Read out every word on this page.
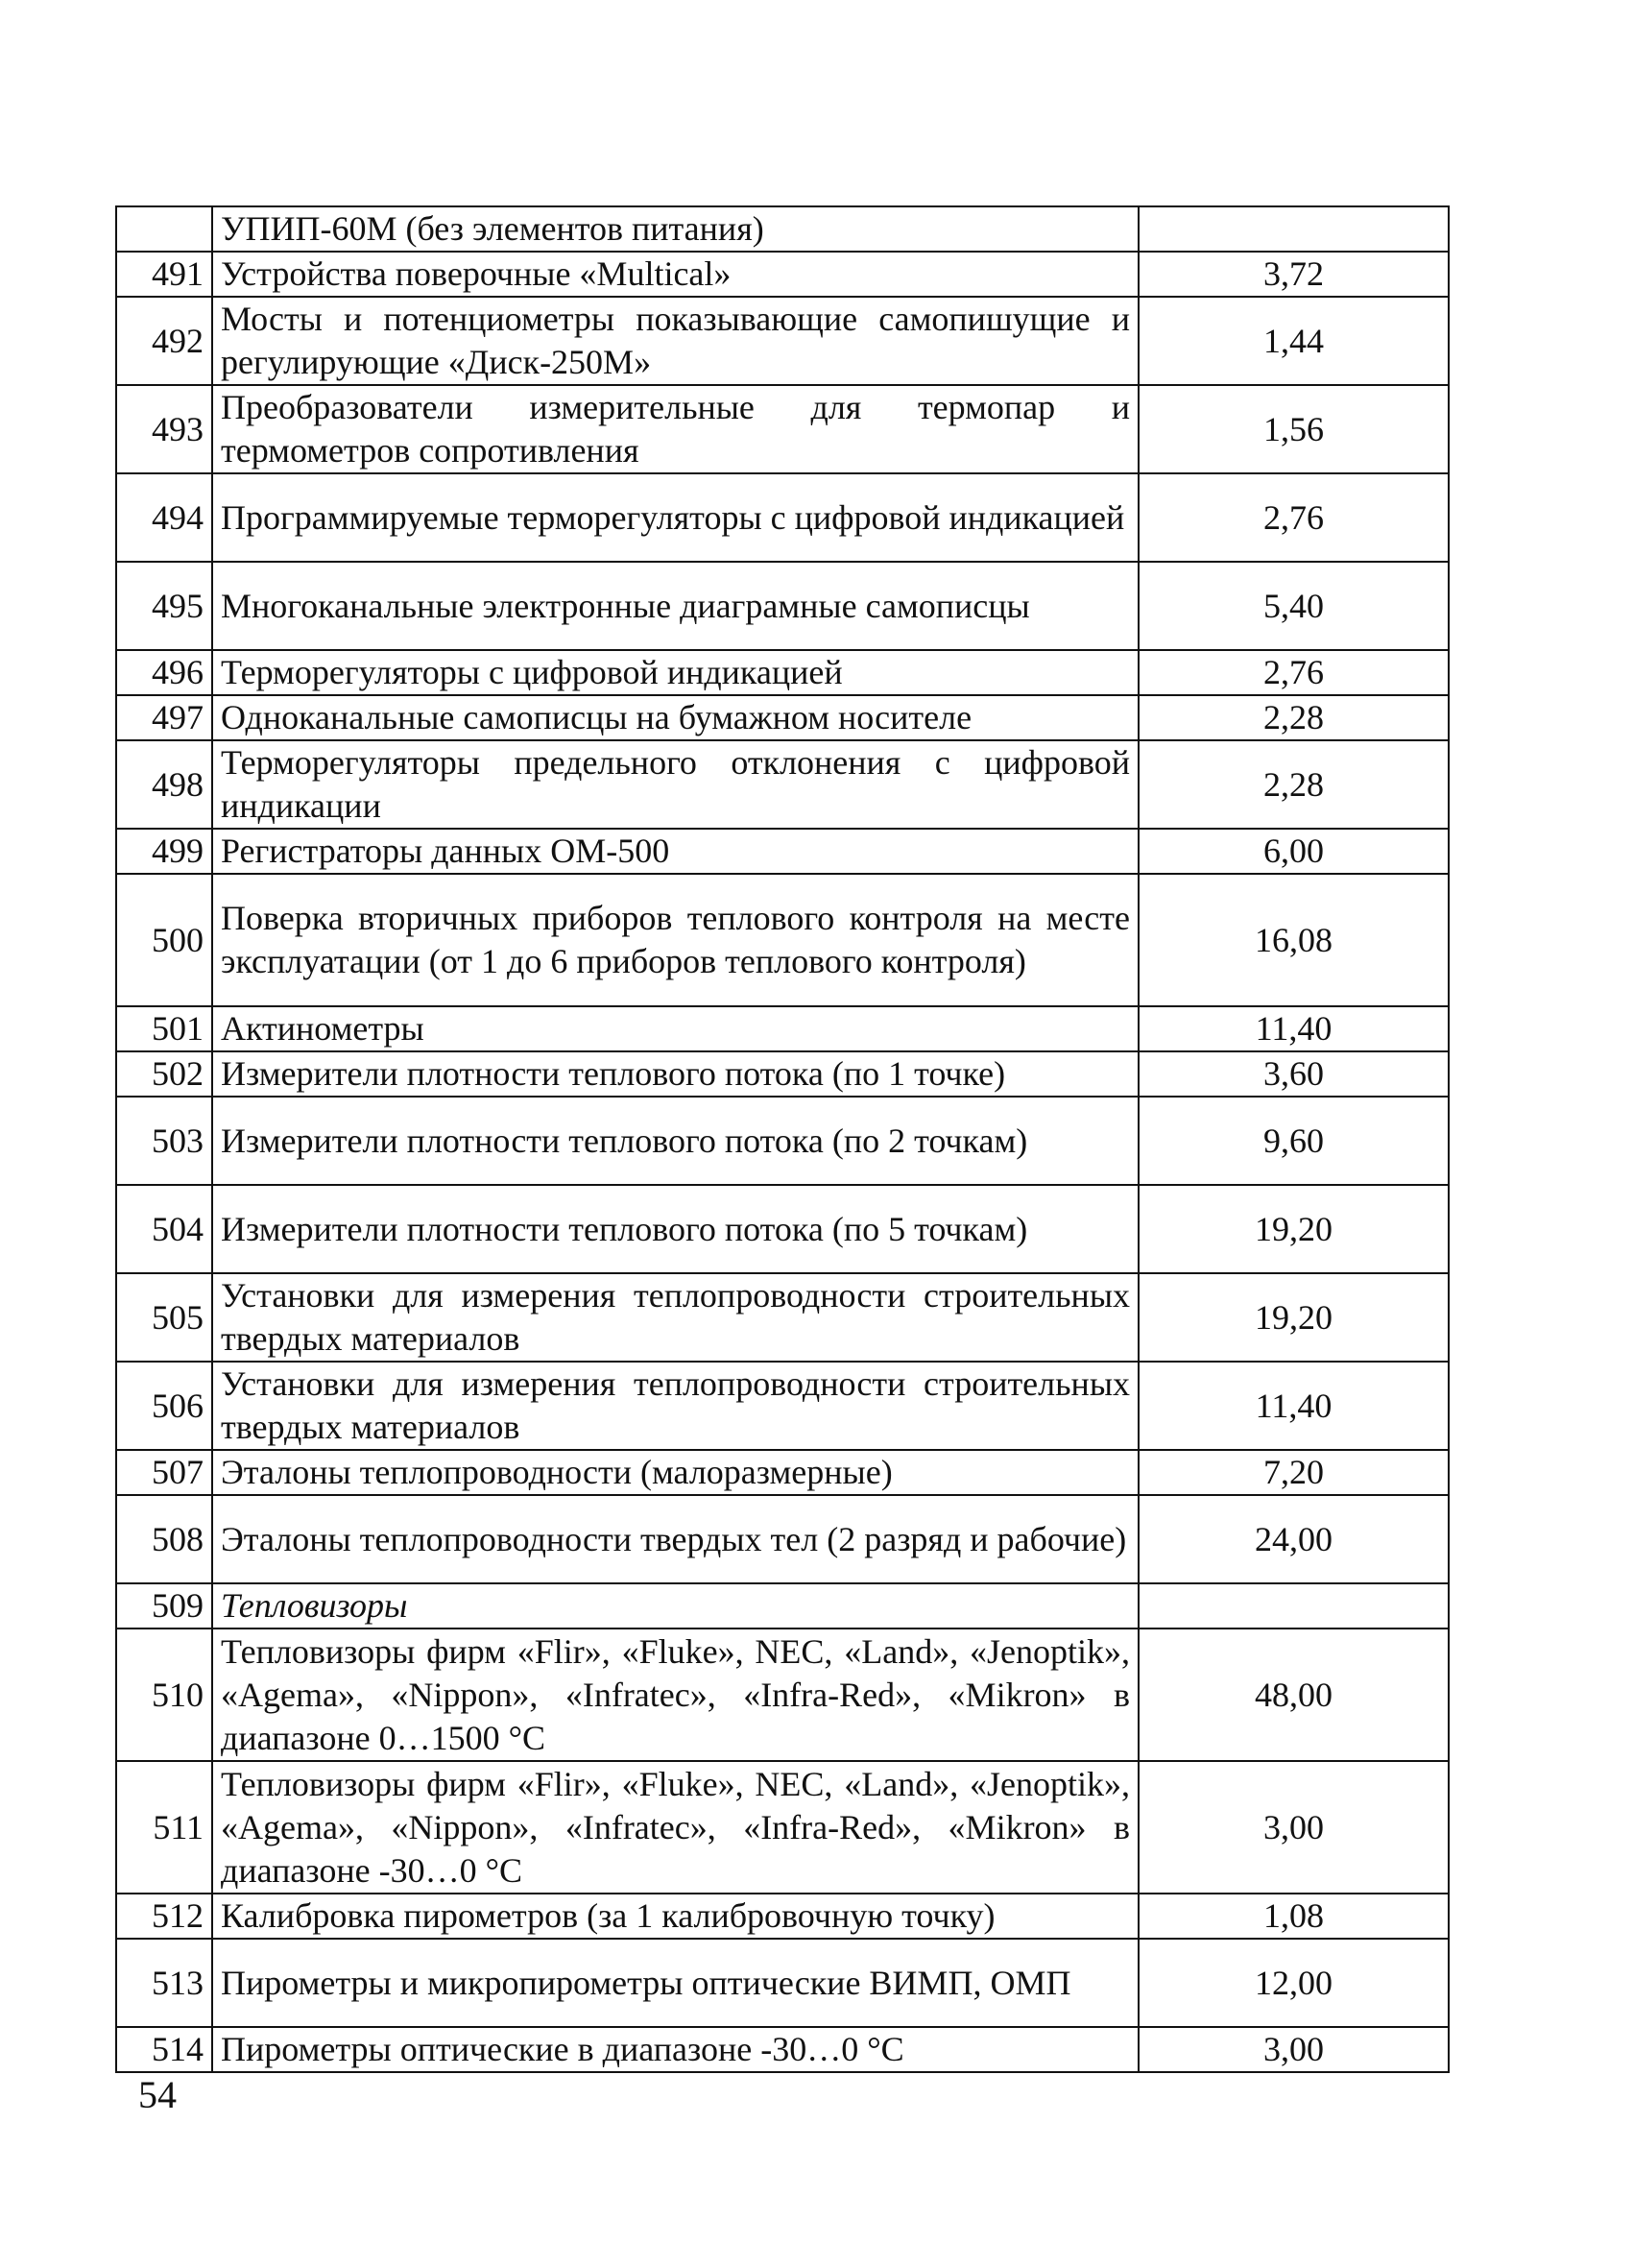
	УПИП-60М (без элементов питания)	
491	Устройства поверочные «Multical»	3,72
492	Мосты и потенциометры показывающие самопишущие и регулирующие «Диск-250М»	1,44
493	Преобразователи измерительные для термопар и термометров сопротивления	1,56
494	Программируемые терморегуляторы с цифровой индикацией	2,76
495	Многоканальные электронные диаграмные самописцы	5,40
496	Терморегуляторы с цифровой индикацией	2,76
497	Одноканальные самописцы на бумажном носителе	2,28
498	Терморегуляторы предельного отклонения с цифровой индикации	2,28
499	Регистраторы данных ОМ-500	6,00
500	Поверка вторичных приборов теплового контроля на месте эксплуатации (от 1 до 6 приборов теплового контроля)	16,08
501	Актинометры	11,40
502	Измерители плотности теплового потока (по 1 точке)	3,60
503	Измерители плотности теплового потока (по 2 точкам)	9,60
504	Измерители плотности теплового потока (по 5 точкам)	19,20
505	Установки для измерения теплопроводности строительных твердых материалов	19,20
506	Установки для измерения теплопроводности строительных твердых материалов	11,40
507	Эталоны теплопроводности (малоразмерные)	7,20
508	Эталоны теплопроводности твердых тел (2 разряд и рабочие)	24,00
509	Тепловизоры	
510	Тепловизоры фирм «Flir», «Fluke», NEC, «Land», «Jenoptik», «Agema», «Nippon», «Infratec», «Infra-Red», «Mikron» в диапазоне 0…1500 °С	48,00
511	Тепловизоры фирм «Flir», «Fluke», NEC, «Land», «Jenoptik», «Agema», «Nippon», «Infratec», «Infra-Red», «Mikron» в диапазоне -30…0 °С	3,00
512	Калибровка пирометров (за 1 калибровочную точку)	1,08
513	Пирометры и микропирометры оптические ВИМП, ОМП	12,00
514	Пирометры оптические в диапазоне -30…0 °С	3,00
54
